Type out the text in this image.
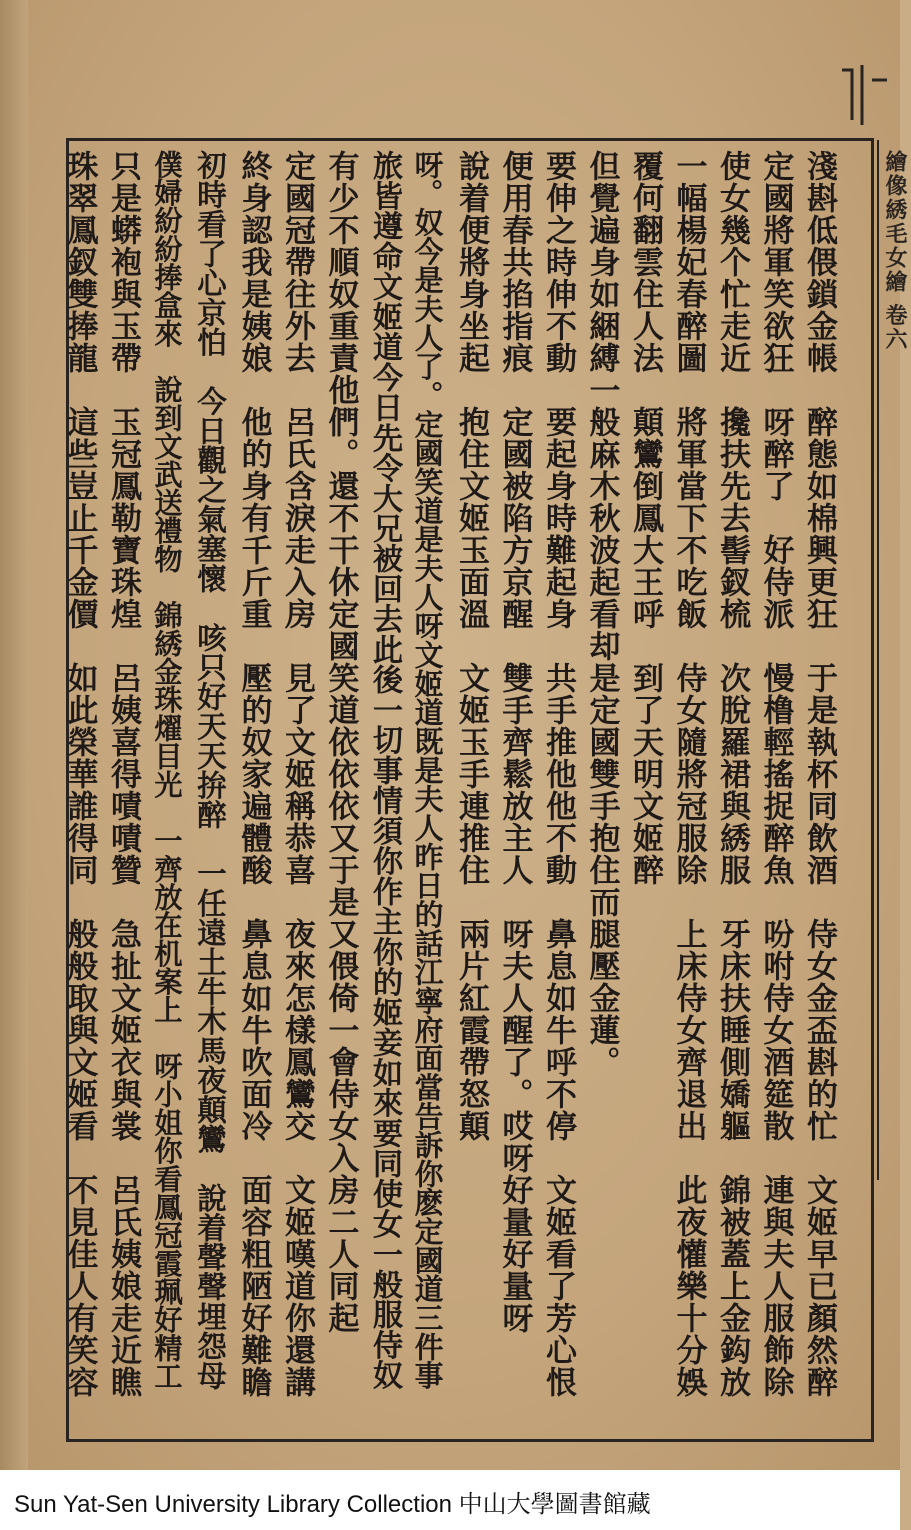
繪像綉毛女繪 卷六
淺斟低偎鎖金帳　醉態如棉興更狂　于是執杯同飲酒　侍女金盃斟的忙　文姬早已顏然醉
定國將軍笑欲狂　呀醉了　好侍派　慢橹輕搖捉醉魚　吩咐侍女酒筵散　連與夫人服飾除
使女幾个忙走近　攙扶先去髻釵梳　次脫羅裙與綉服　牙床扶睡側嬌軀　錦被蓋上金鈎放
一幅楊妃春醉圖　將軍當下不吃飯　侍女隨將冠服除　上床侍女齊退出　此夜懽樂十分娛
覆何翻雲住人法　顛鸞倒鳳大王呼　到了天明文姬醉
但覺遍身如綑縛一般麻木秋波起看却是定國雙手抱住而腿壓金蓮。
要伸之時伸不動　要起身時難起身　共手推他他不動　鼻息如牛呼不停　文姬看了芳心恨
便用春共掐指痕　定國被陷方京醒　雙手齊鬆放主人　呀夫人醒了。哎呀好量好量呀
說着便將身坐起　抱住文姬玉面溫　文姬玉手連推住　兩片紅霞帶怒顛
呀。奴今是夫人了。定國笑道是夫人呀文姬道既是夫人昨日的話江寧府面當告訴你麽定國道三件事
旅皆遵命文姬道今日先令大兄被回去此後一切事情須你作主你的姬妾如來要同使女一般服侍奴
有少不順奴重責他們。還不干休定國笑道依依依又于是又偎倚一會侍女入房二人同起
定國冠帶往外去　呂氏含淚走入房　見了文姬稱恭喜　夜來怎樣鳳鸞交　文姬嘆道你還講
終身認我是姨娘　他的身有千斤重　壓的奴家遍體酸　鼻息如牛吹面冷　面容粗陋好難瞻
初時看了心京怕　今日觀之氣塞懷　咳只好天天拚醉　一任遠土牛木馬夜顛鸞　說着聲聲埋怨母
僕婦紛紛捧盒來　說到文武送禮物　錦綉金珠燿目光　一齊放在机案上　呀小姐你看鳳冠霞珮好精工
只是蟒袍與玉帶　玉冠鳳勒寶珠煌　呂姨喜得嘖嘖贊　急扯文姬衣與裳　呂氏姨娘走近瞧
珠翠鳳釵雙捧龍　這些豈止千金價　如此榮華誰得同　般般取與文姬看　不見佳人有笑容
Sun Yat-Sen University Library Collection 中山大學圖書館藏
